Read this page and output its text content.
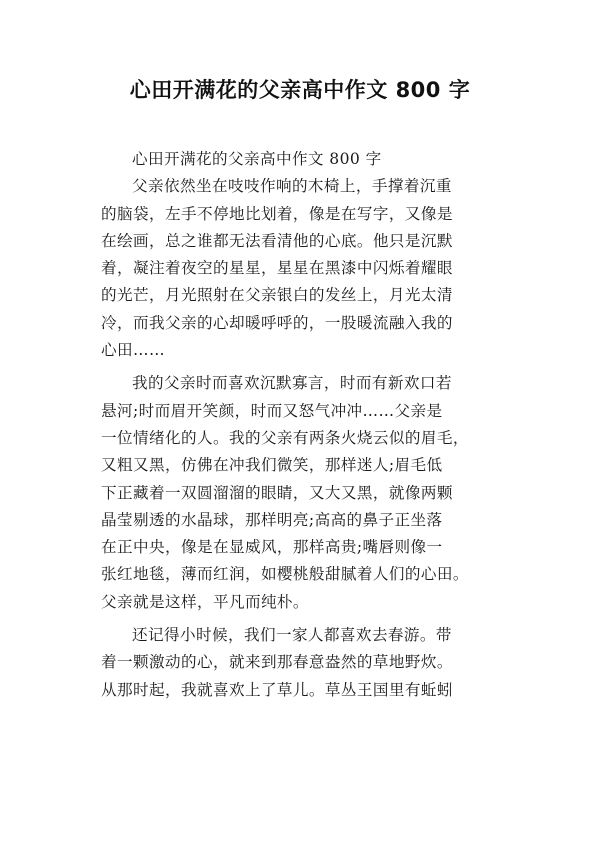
心田开满花的父亲高中作文 800 字
心田开满花的父亲高中作文 800 字
父亲依然坐在吱吱作响的木椅上，手撑着沉重
的脑袋，左手不停地比划着，像是在写字，又像是
在绘画，总之谁都无法看清他的心底。他只是沉默
着，凝注着夜空的星星，星星在黑漆中闪烁着耀眼
的光芒，月光照射在父亲银白的发丝上，月光太清
冷，而我父亲的心却暖呼呼的，一股暖流融入我的
心田……
我的父亲时而喜欢沉默寡言，时而有新欢口若
悬河;时而眉开笑颜，时而又怒气冲冲……父亲是
一位情绪化的人。我的父亲有两条火烧云似的眉毛，
又粗又黑，仿佛在冲我们微笑，那样迷人;眉毛低
下正藏着一双圆溜溜的眼睛，又大又黑，就像两颗
晶莹剔透的水晶球，那样明亮;高高的鼻子正坐落
在正中央，像是在显威风，那样高贵;嘴唇则像一
张红地毯，薄而红润，如樱桃般甜腻着人们的心田。
父亲就是这样，平凡而纯朴。
还记得小时候，我们一家人都喜欢去春游。带
着一颗激动的心，就来到那春意盎然的草地野炊。
从那时起，我就喜欢上了草儿。草丛王国里有蚯蚓
